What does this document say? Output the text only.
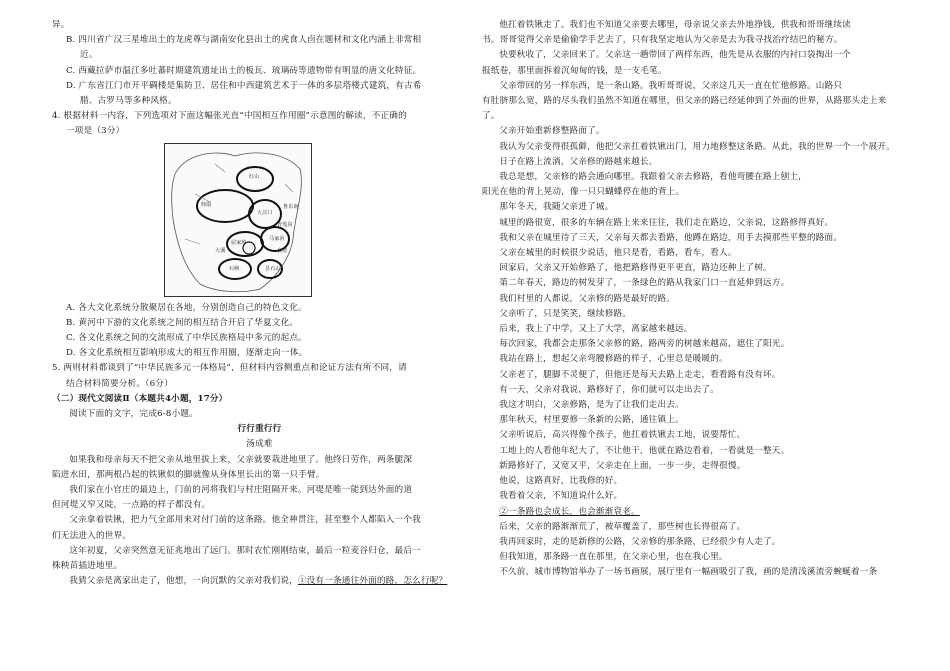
异。

B. 四川省广汉三星堆出土的龙虎尊与湖南安化县出土的虎食人卣在题材和文化内涵上非常相

近。

C. 西藏拉萨市温江多吐蕃时期建筑遗址出土的板瓦、琉璃砖等遗物带有明显的唐文化特征。

D. 广东省江门市开平碉楼是集防卫、居住和中西建筑艺术于一体的多层塔楼式建筑，有古希

腊、古罗马等多种风格。

4. 根据材料一内容，下列选项对下面这幅张光直“中国相互作用圈”示意图的解读，不正确的

一项是（3分）

红山
仰韶
大汶口
马家浜
良渚
屈家岭
大溪
石峡	昙石山
青莲岗
鲁东南

A. 各大文化系统分散聚居在各地，分别创造自己的特色文化。

B. 黄河中下游的文化系统之间的相互结合开启了华夏文化。

C. 各文化系统之间的交流形成了中华民族格局中多元的起点。

D. 各文化系统相互影响形成大的相互作用圈，逐渐走向一体。

5. 两则材料都谈到了“中华民族多元一体格局”，但材料内容侧重点和论证方法有所不同，请

结合材料简要分析。（6分）

（二）现代文阅读Ⅱ（本题共4小题，17分）

阅读下面的文字，完成6-8小题。

行行重行行

汤成难

如果我和母亲每天不把父亲从地里拔上来，父亲就要栽进地里了。他终日劳作，两条腿深

陷进水田，那两根凸起的铁锹似的脚就像从身体里长出的第一只手臂。

我们家在小官庄的最边上，门前的河将我们与村庄阻隔开来。河堤是唯一能到达外面的道

但河堤又窄又陡，一点路的样子都没有。

父亲拿着铁锹，把力气全部用来对付门前的这条路。他全神贯注，甚至整个人都陷入一个我

们无法进入的世界。

这年初夏，父亲突然意无征兆地出了远门。那时农忙刚刚结束，最后一粒麦谷归仓，最后一

株秧苗插进地里。

我猜父亲是离家出走了，他想，一向沉默的父亲对我们说，①没有一条通往外面的路，怎么行呢？

他扛着铁锹走了。我们也不知道父亲要去哪里，母亲说父亲去外地挣钱，供我和哥哥继续读

书。哥哥觉得父亲是偷偷学手艺去了，只有我坚定地认为父亲是去为我寻找治疗结巴的秘方。

快要秋收了，父亲回来了。父亲这一趟带回了两样东西，他先是从衣服的内衬口袋掏出一个

报纸卷，那里面拆着沉甸甸的钱，是一支毛笔。

父亲带回的另一样东西，是一条山路。我听哥哥说，父亲这几天一直在忙他修路。山路只

有肚脐那么宽，路的尽头我们虽然不知道在哪里，但父亲的路已经延伸到了外面的世界，从路那头走上来了。

父亲开始重新修整路面了。

我认为父亲变得很孤僻，他把父亲扛着铁锹出门，用力地修整这条路。从此，我的世界一个一个展开。

日子在路上流淌，父亲修的路越来越长。

我总是想，父亲修的路会通向哪里。我跟着父亲去修路，看他弯腰在路上刨土，

阳光在他的背上晃动，像一只只蝴蝶停在他的背上。

那年冬天，我随父亲进了城。

城里的路很宽，很多的车辆在路上来来往往，我们走在路边，父亲说，这路修得真好。

我和父亲在城里待了三天，父亲每天都去看路，他蹲在路边，用手去摸那些平整的路面。

父亲在城里的时候很少说话，他只是看，看路，看车，看人。

回家后，父亲又开始修路了，他把路修得更平更直，路边还种上了树。

第二年春天，路边的树发芽了，一条绿色的路从我家门口一直延伸到远方。

我们村里的人都说，父亲修的路是最好的路。

父亲听了，只是笑笑，继续修路。

后来，我上了中学，又上了大学，离家越来越远。

每次回家，我都会走那条父亲修的路，路两旁的树越来越高，遮住了阳光。

我站在路上，想起父亲弯腰修路的样子，心里总是暖暖的。

父亲老了，腿脚不灵便了，但他还是每天去路上走走，看看路有没有坏。

有一天，父亲对我说，路修好了，你们就可以走出去了。

我这才明白，父亲修路，是为了让我们走出去。

那年秋天，村里要修一条新的公路，通往镇上。

父亲听说后，高兴得像个孩子，他扛着铁锹去工地，说要帮忙。

工地上的人看他年纪大了，不让他干，他就在路边看着，一看就是一整天。

新路修好了，又宽又平，父亲走在上面，一步一步，走得很慢。

他说，这路真好，比我修的好。

我看着父亲，不知道说什么好。

②一条路也会成长，也会渐渐衰老。

后来，父亲的路渐渐荒了，被草覆盖了，那些树也长得很高了。

我再回家时，走的是新修的公路，父亲修的那条路，已经很少有人走了。

但我知道，那条路一直在那里，在父亲心里，也在我心里。

不久前，城市博物馆举办了一场书画展，展厅里有一幅画吸引了我，画的是清浅溪流旁蜿蜒着一条
